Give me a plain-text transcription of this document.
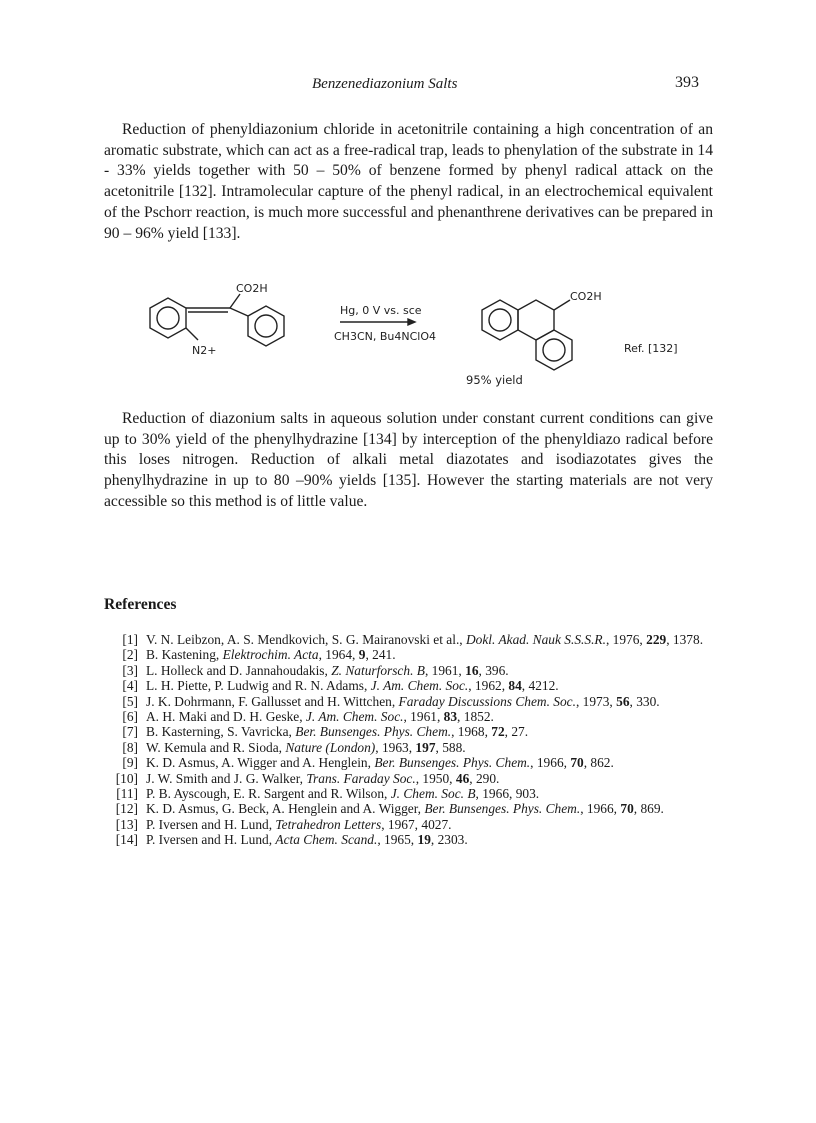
Benzenediazonium Salts	393

Reduction of phenyldiazonium chloride in acetonitrile containing a high concentration of an aromatic substrate, which can act as a free-radical trap, leads to phenylation of the substrate in 14 - 33% yields together with 50 – 50% of benzene formed by phenyl radical attack on the acetonitrile [132]. Intramolecular capture of the phenyl radical, in an electrochemical equivalent of the Pschorr reaction, is much more successful and phenanthrene derivatives can be prepared in 90 – 96% yield [133].

CO2H
N2+
Hg, 0 V vs. sce
CH3CN, Bu4NClO4
CO2H
95% yield
Ref. [132]

Reduction of diazonium salts in aqueous solution under constant current conditions can give up to 30% yield of the phenylhydrazine [134] by interception of the phenyldiazo radical before this loses nitrogen. Reduction of alkali metal diazotates and isodiazotates gives the phenylhydrazine in up to 80 –90% yields [135]. However the starting materials are not very accessible so this method is of little value.

References
[1] V. N. Leibzon, A. S. Mendkovich, S. G. Mairanovski et al., Dokl. Akad. Nauk S.S.S.R., 1976, 229, 1378.
[2] B. Kastening, Elektrochim. Acta, 1964, 9, 241.
[3] L. Holleck and D. Jannahoudakis, Z. Naturforsch. B, 1961, 16, 396.
[4] L. H. Piette, P. Ludwig and R. N. Adams, J. Am. Chem. Soc., 1962, 84, 4212.
[5] J. K. Dohrmann, F. Gallusset and H. Wittchen, Faraday Discussions Chem. Soc., 1973, 56, 330.
[6] A. H. Maki and D. H. Geske, J. Am. Chem. Soc., 1961, 83, 1852.
[7] B. Kasterning, S. Vavricka, Ber. Bunsenges. Phys. Chem., 1968, 72, 27.
[8] W. Kemula and R. Sioda, Nature (London), 1963, 197, 588.
[9] K. D. Asmus, A. Wigger and A. Henglein, Ber. Bunsenges. Phys. Chem., 1966, 70, 862.
[10] J. W. Smith and J. G. Walker, Trans. Faraday Soc., 1950, 46, 290.
[11] P. B. Ayscough, E. R. Sargent and R. Wilson, J. Chem. Soc. B, 1966, 903.
[12] K. D. Asmus, G. Beck, A. Henglein and A. Wigger, Ber. Bunsenges. Phys. Chem., 1966, 70, 869.
[13] P. Iversen and H. Lund, Tetrahedron Letters, 1967, 4027.
[14] P. Iversen and H. Lund, Acta Chem. Scand., 1965, 19, 2303.
